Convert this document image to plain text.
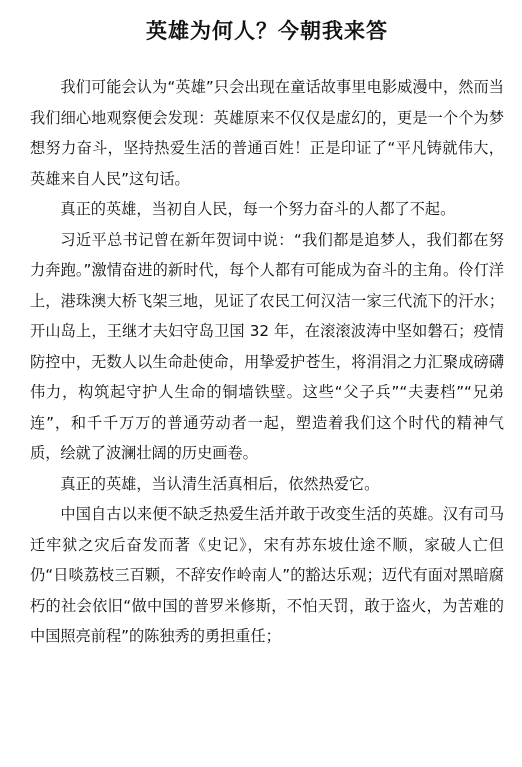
英雄为何人？今朝我来答

我们可能会认为“英雄”只会出现在童话故事里电影威漫中，然而当我们细心地观察便会发现：英雄原来不仅仅是虚幻的，更是一个个为梦想努力奋斗，坚持热爱生活的普通百姓！正是印证了“平凡铸就伟大，英雄来自人民”这句话。

真正的英雄，当初自人民，每一个努力奋斗的人都了不起。

习近平总书记曾在新年贺词中说：“我们都是追梦人，我们都在努力奔跑。”激情奋进的新时代，每个人都有可能成为奋斗的主角。伶仃洋上，港珠澳大桥飞架三地，见证了农民工何汉洁一家三代流下的汗水；开山岛上，王继才夫妇守岛卫国 32 年，在滚滚波涛中坚如磐石；疫情防控中，无数人以生命赴使命，用挚爱护苍生，将涓涓之力汇聚成磅礴伟力，构筑起守护人生命的铜墙铁壁。这些“父子兵”“夫妻档”“兄弟连”，和千千万万的普通劳动者一起，塑造着我们这个时代的精神气质，绘就了波澜壮阔的历史画卷。

真正的英雄，当认清生活真相后，依然热爱它。

中国自古以来便不缺乏热爱生活并敢于改变生活的英雄。汉有司马迁牢狱之灾后奋发而著《史记》，宋有苏东坡仕途不顺，家破人亡但仍“日啖荔枝三百颗，不辞安作岭南人”的豁达乐观；迈代有面对黑暗腐朽的社会依旧“做中国的普罗米修斯，不怕天罚，敢于盗火，为苦难的中国照亮前程”的陈独秀的勇担重任；
